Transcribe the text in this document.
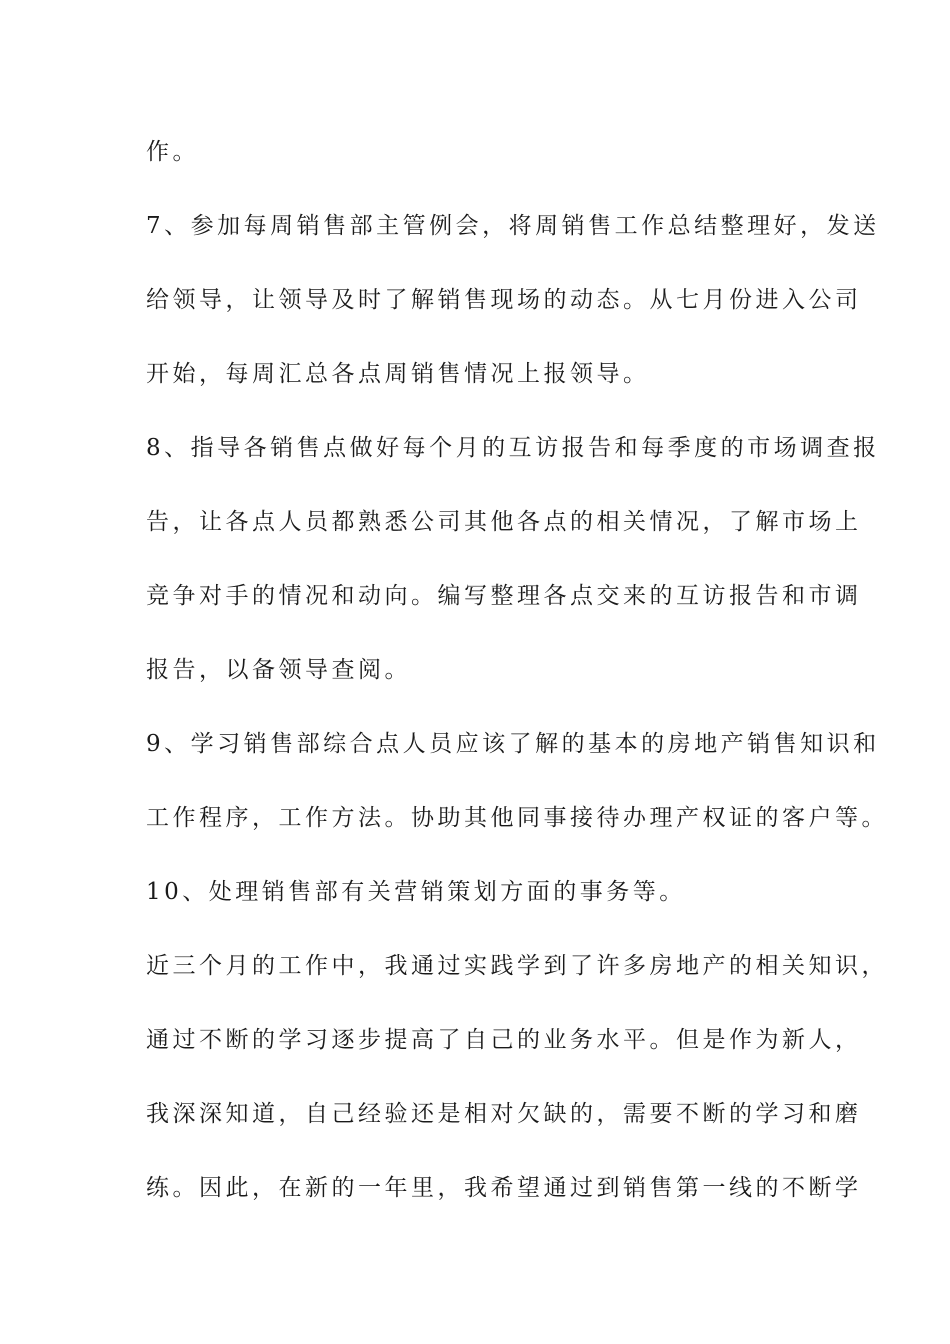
作。
7、参加每周销售部主管例会，将周销售工作总结整理好，发送
给领导，让领导及时了解销售现场的动态。从七月份进入公司
开始，每周汇总各点周销售情况上报领导。
8、指导各销售点做好每个月的互访报告和每季度的市场调查报
告，让各点人员都熟悉公司其他各点的相关情况，了解市场上
竞争对手的情况和动向。编写整理各点交来的互访报告和市调
报告，以备领导查阅。
9、学习销售部综合点人员应该了解的基本的房地产销售知识和
工作程序，工作方法。协助其他同事接待办理产权证的客户等。
10、处理销售部有关营销策划方面的事务等。
近三个月的工作中，我通过实践学到了许多房地产的相关知识，
通过不断的学习逐步提高了自己的业务水平。但是作为新人，
我深深知道，自己经验还是相对欠缺的，需要不断的学习和磨
练。因此，在新的一年里，我希望通过到销售第一线的不断学
